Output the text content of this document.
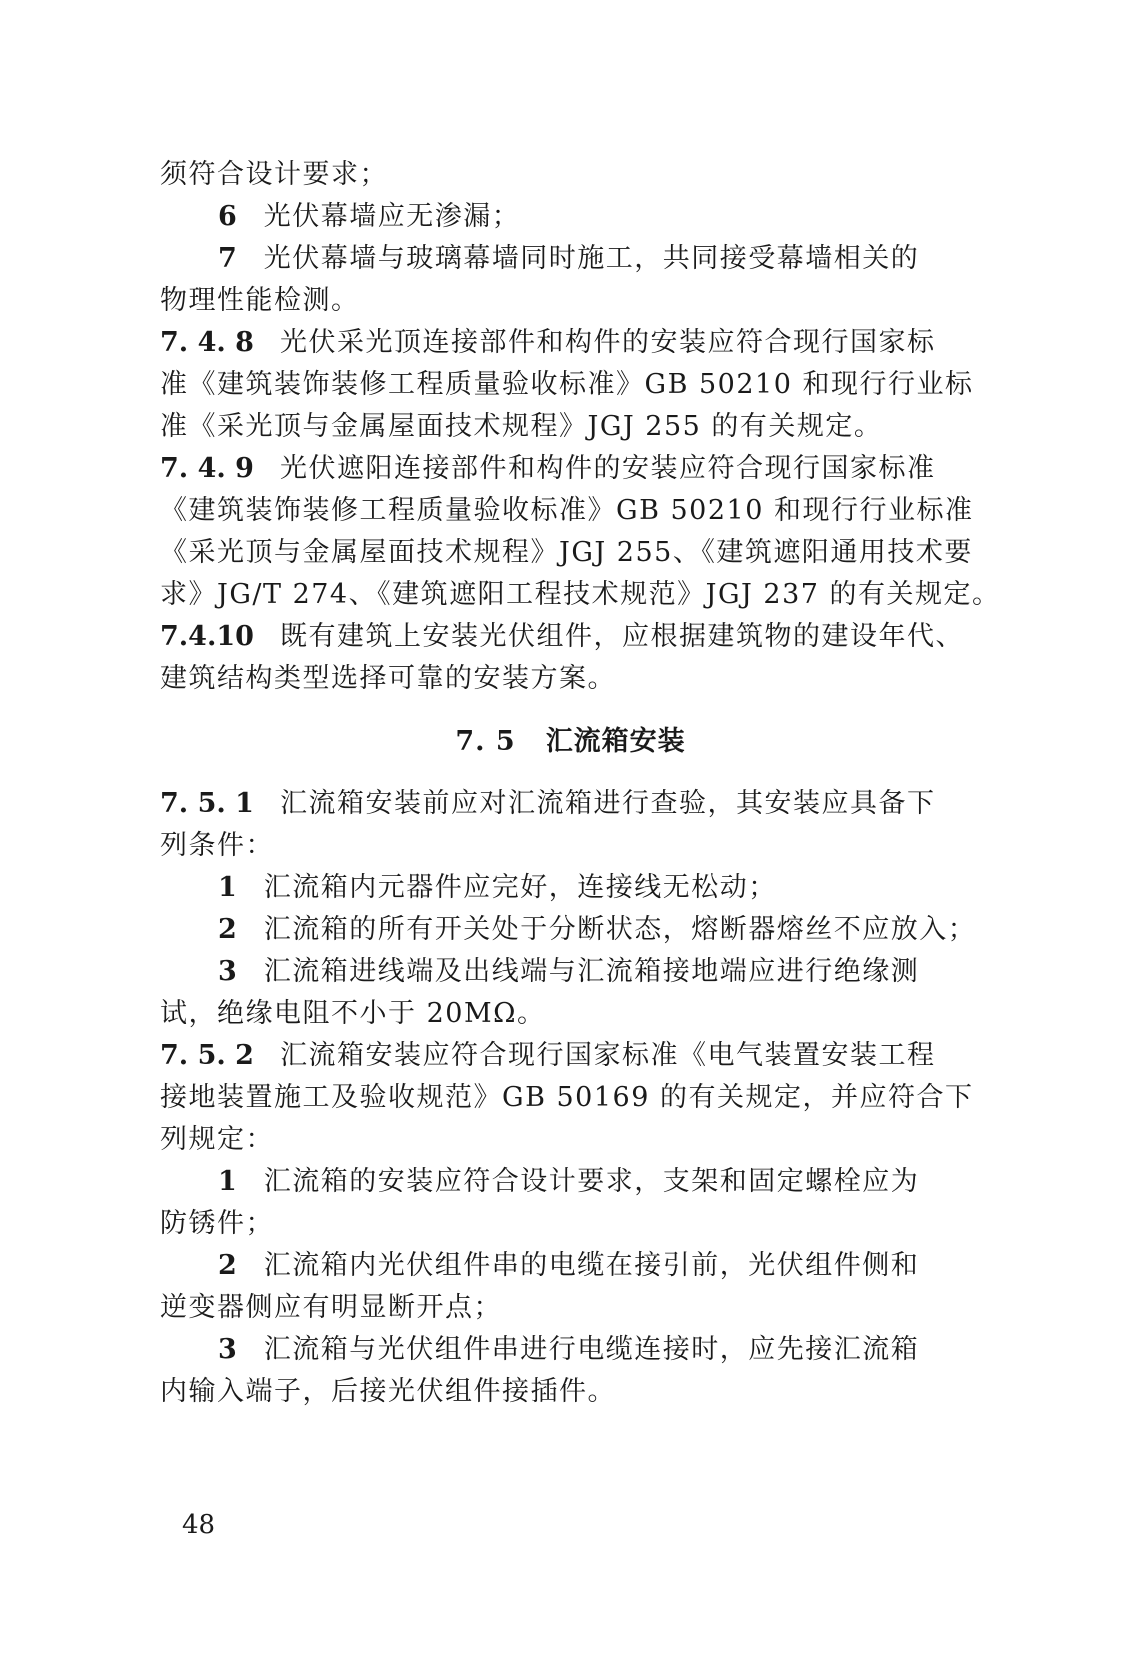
须符合设计要求；
6 光伏幕墙应无渗漏；
7 光伏幕墙与玻璃幕墙同时施工，共同接受幕墙相关的
物理性能检测。
7. 4. 8 光伏采光顶连接部件和构件的安装应符合现行国家标
准《建筑装饰装修工程质量验收标准》GB 50210 和现行行业标
准《采光顶与金属屋面技术规程》JGJ 255 的有关规定。
7. 4. 9 光伏遮阳连接部件和构件的安装应符合现行国家标准
《建筑装饰装修工程质量验收标准》GB 50210 和现行行业标准
《采光顶与金属屋面技术规程》JGJ 255、《建筑遮阳通用技术要
求》JG/T 274、《建筑遮阳工程技术规范》JGJ 237 的有关规定。
7.4.10 既有建筑上安装光伏组件，应根据建筑物的建设年代、
建筑结构类型选择可靠的安装方案。
7. 5 汇流箱安装
7. 5. 1 汇流箱安装前应对汇流箱进行查验，其安装应具备下
列条件：
1 汇流箱内元器件应完好，连接线无松动；
2 汇流箱的所有开关处于分断状态，熔断器熔丝不应放入；
3 汇流箱进线端及出线端与汇流箱接地端应进行绝缘测
试，绝缘电阻不小于 20MΩ。
7. 5. 2 汇流箱安装应符合现行国家标准《电气装置安装工程
接地装置施工及验收规范》GB 50169 的有关规定，并应符合下
列规定：
1 汇流箱的安装应符合设计要求，支架和固定螺栓应为
防锈件；
2 汇流箱内光伏组件串的电缆在接引前，光伏组件侧和
逆变器侧应有明显断开点；
3 汇流箱与光伏组件串进行电缆连接时，应先接汇流箱
内输入端子，后接光伏组件接插件。
48
